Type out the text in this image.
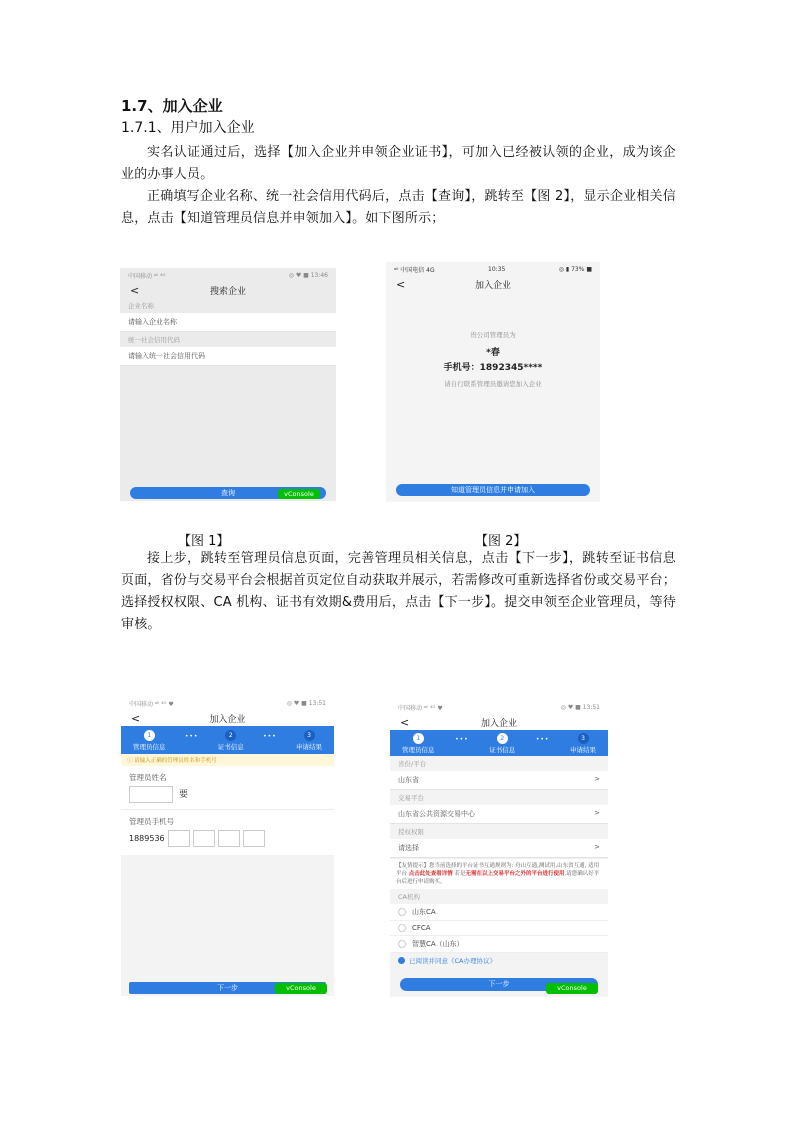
1.7、加入企业

1.7.1、用户加入企业

实名认证通过后，选择【加入企业并申领企业证书】，可加入已经被认领的企业，成为该企业的办事人员。

正确填写企业名称、统一社会信用代码后，点击【查询】，跳转至【图 2】，显示企业相关信息，点击【知道管理员信息并申领加入】。如下图所示；

中国移动 ᵃˡˡ ⁴ᴳ	◎ ♥ ■ 13:46
<	搜索企业
企业名称
请输入企业名称
统一社会信用代码
请输入统一社会信用代码
查询	vConsole
ᵃˡˡ 中国电信 4G	10:35	◎ ▮ 73% ■
<	加入企业
贵公司管理员为
*春
手机号：1892345****
请自行联系管理员邀请您加入企业
知道管理员信息并申请加入
【图 1】	【图 2】

接上步，跳转至管理员信息页面，完善管理员相关信息，点击【下一步】，跳转至证书信息页面，省份与交易平台会根据首页定位自动获取并展示，若需修改可重新选择省份或交易平台；选择授权权限、CA 机构、证书有效期&费用后，点击【下一步】。提交申领至企业管理员，等待审核。

中国移动 ᵃˡˡ ⁴ᴳ ♥	◎ ♥ ■ 13:51
<	加入企业
1
管理员信息
•••	2
证书信息
•••	3
申请结果
ⓘ 请输入正确的管理员姓名和手机号
管理员姓名
要
管理员手机号
1889536
下一步	vConsole
中国移动 ᵃˡˡ ⁴ᴳ ♥	◎ ♥ ■ 13:51
<	加入企业
1
管理员信息
•••	2
证书信息
•••	3
申请结果
省份/平台
山东省	>
交易平台
山东省公共资源交易中心	>
授权权限
请选择	>
【友情提示】您当前选择的平台证书互通规则为: 舟山互通,测试用,山东省互通, 适用平台 点击此处查看详情 若是无需在以上交易平台之外的平台进行使用,请您确认好平台后进行申请购买。
CA机构
山东CA
CFCA
智慧CA（山东）
已阅读并同意《CA办理协议》
下一步	vConsole
